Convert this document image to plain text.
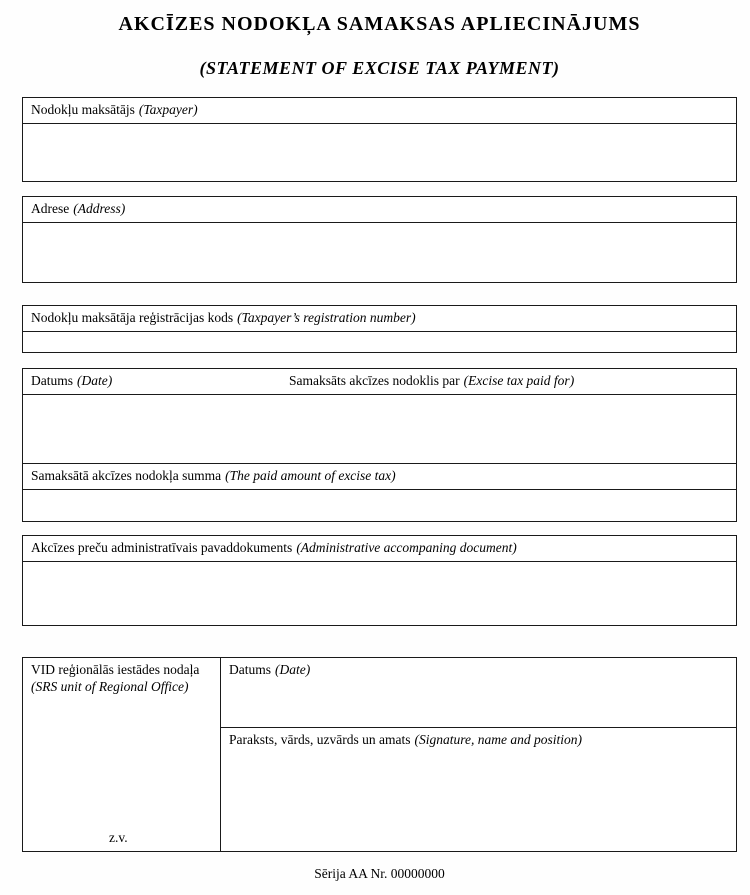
AKCĪZES NODOKĻA SAMAKSAS APLIECINĀJUMS
(STATEMENT OF EXCISE TAX PAYMENT)
Nodokļu maksātājs (Taxpayer)
Adrese (Address)
Nodokļu maksātāja reģistrācijas kods (Taxpayer’s registration number)
Datums (Date)	Samaksāts akcīzes nodoklis par (Excise tax paid for)
Samaksātā akcīzes nodokļa summa (The paid amount of excise tax)
Akcīzes preču administratīvais pavaddokuments (Administrative accompaning document)
VID reģionālās iestādes nodaļa
(SRS unit of Regional Office)
z.v.
Datums (Date)
Paraksts, vārds, uzvārds un amats (Signature, name and position)
Sērija AA Nr. 00000000
